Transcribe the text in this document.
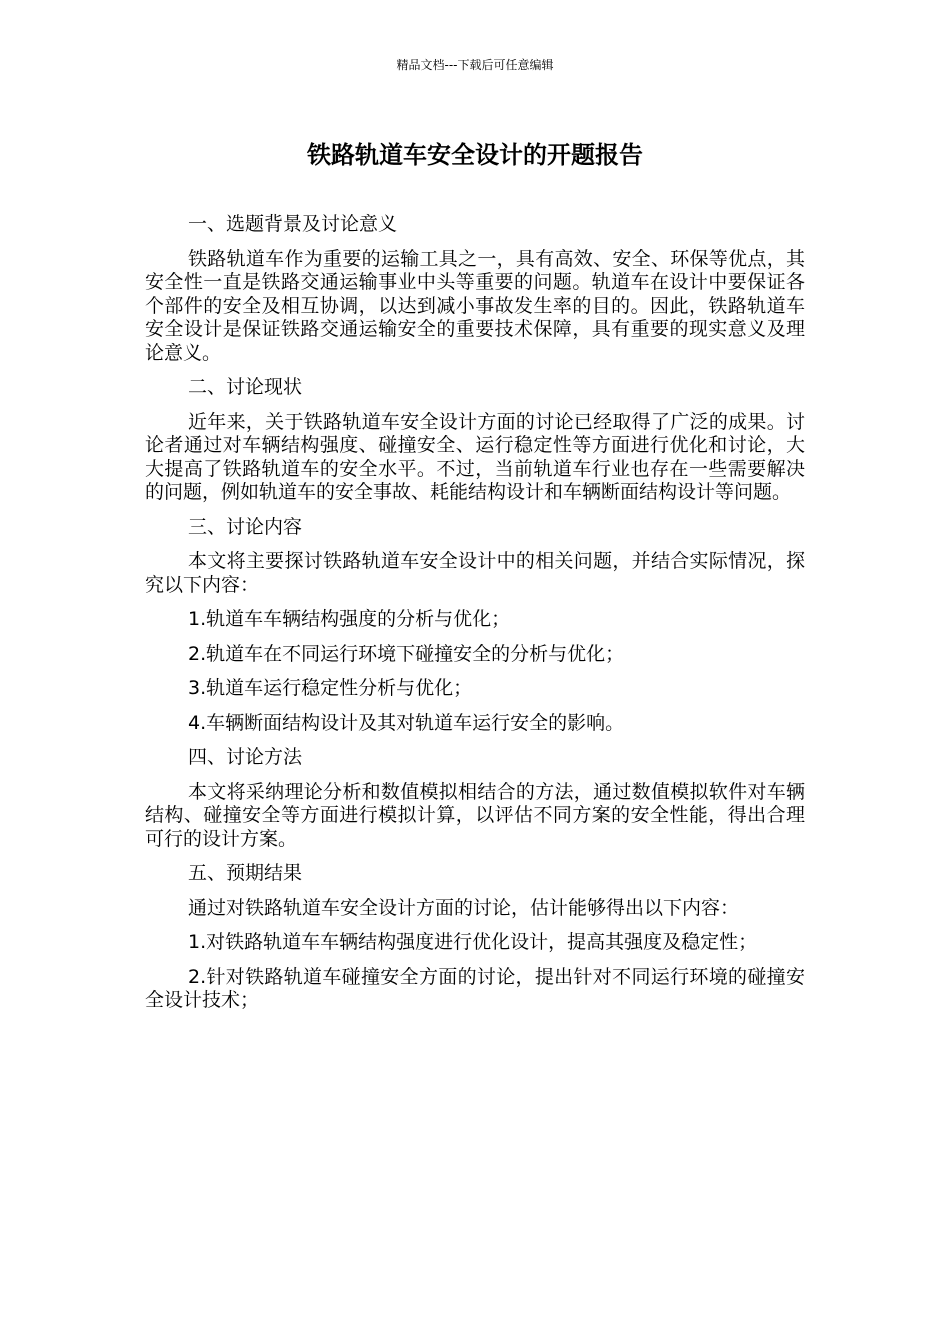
精品文档---下载后可任意编辑
铁路轨道车安全设计的开题报告

一、选题背景及讨论意义

铁路轨道车作为重要的运输工具之一，具有高效、安全、环保等优点，其安全性一直是铁路交通运输事业中头等重要的问题。轨道车在设计中要保证各个部件的安全及相互协调，以达到减小事故发生率的目的。因此，铁路轨道车安全设计是保证铁路交通运输安全的重要技术保障，具有重要的现实意义及理论意义。

二、讨论现状

近年来，关于铁路轨道车安全设计方面的讨论已经取得了广泛的成果。讨论者通过对车辆结构强度、碰撞安全、运行稳定性等方面进行优化和讨论，大大提高了铁路轨道车的安全水平。不过，当前轨道车行业也存在一些需要解决的问题，例如轨道车的安全事故、耗能结构设计和车辆断面结构设计等问题。

三、讨论内容

本文将主要探讨铁路轨道车安全设计中的相关问题，并结合实际情况，探究以下内容：

1.轨道车车辆结构强度的分析与优化；

2.轨道车在不同运行环境下碰撞安全的分析与优化；

3.轨道车运行稳定性分析与优化；

4.车辆断面结构设计及其对轨道车运行安全的影响。

四、讨论方法

本文将采纳理论分析和数值模拟相结合的方法，通过数值模拟软件对车辆结构、碰撞安全等方面进行模拟计算，以评估不同方案的安全性能，得出合理可行的设计方案。

五、预期结果

通过对铁路轨道车安全设计方面的讨论，估计能够得出以下内容：

1.对铁路轨道车车辆结构强度进行优化设计，提高其强度及稳定性；

2.针对铁路轨道车碰撞安全方面的讨论，提出针对不同运行环境的碰撞安全设计技术；
